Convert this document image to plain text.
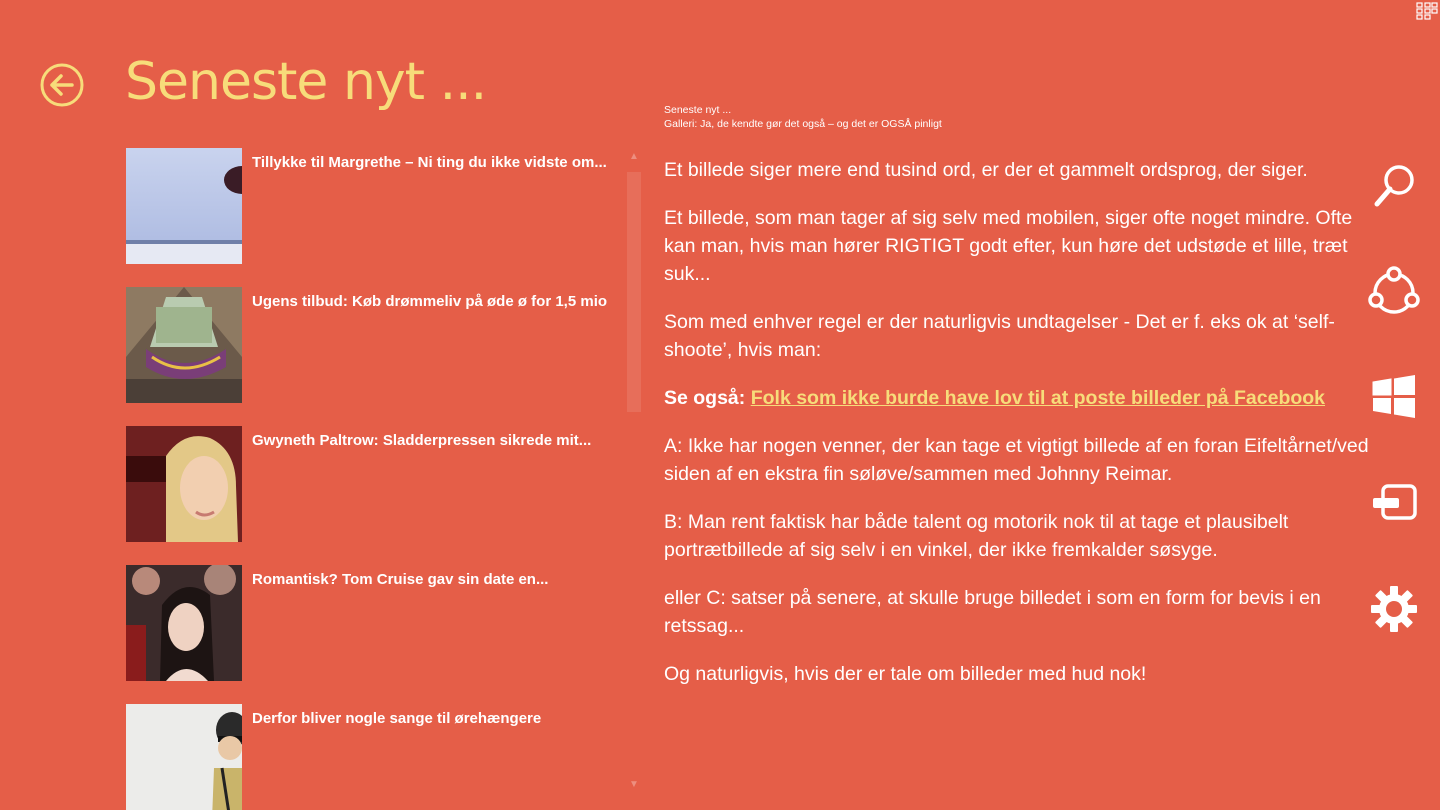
Seneste nyt ...
Tillykke til Margrethe – Ni ting du ikke vidste om...
Ugens tilbud: Køb drømmeliv på øde ø for 1,5 mio
Gwyneth Paltrow: Sladderpressen sikrede mit...
Romantisk? Tom Cruise gav sin date en...
Derfor bliver nogle sange til ørehængere
▲
▼
Seneste nyt ...
Galleri: Ja, de kendte gør det også – og det er OGSÅ pinligt

Et billede siger mere end tusind ord, er der et gammelt ordsprog, der siger.

Et billede, som man tager af sig selv med mobilen, siger ofte noget mindre. Ofte kan man, hvis man hører RIGTIGT godt efter, kun høre det udstøde et lille, træt suk...

Som med enhver regel er der naturligvis undtagelser - Det er f. eks ok at ‘self-shoote’, hvis man:

Se også: Folk som ikke burde have lov til at poste billeder på Facebook

A: Ikke har nogen venner, der kan tage et vigtigt billede af en foran Eifeltårnet/ved siden af en ekstra fin søløve/sammen med Johnny Reimar.

B: Man rent faktisk har både talent og motorik nok til at tage et plausibelt portrætbillede af sig selv i en vinkel, der ikke fremkalder søsyge.

eller C: satser på senere, at skulle bruge billedet i som en form for bevis i en retssag...

Og naturligvis, hvis der er tale om billeder med hud nok!
